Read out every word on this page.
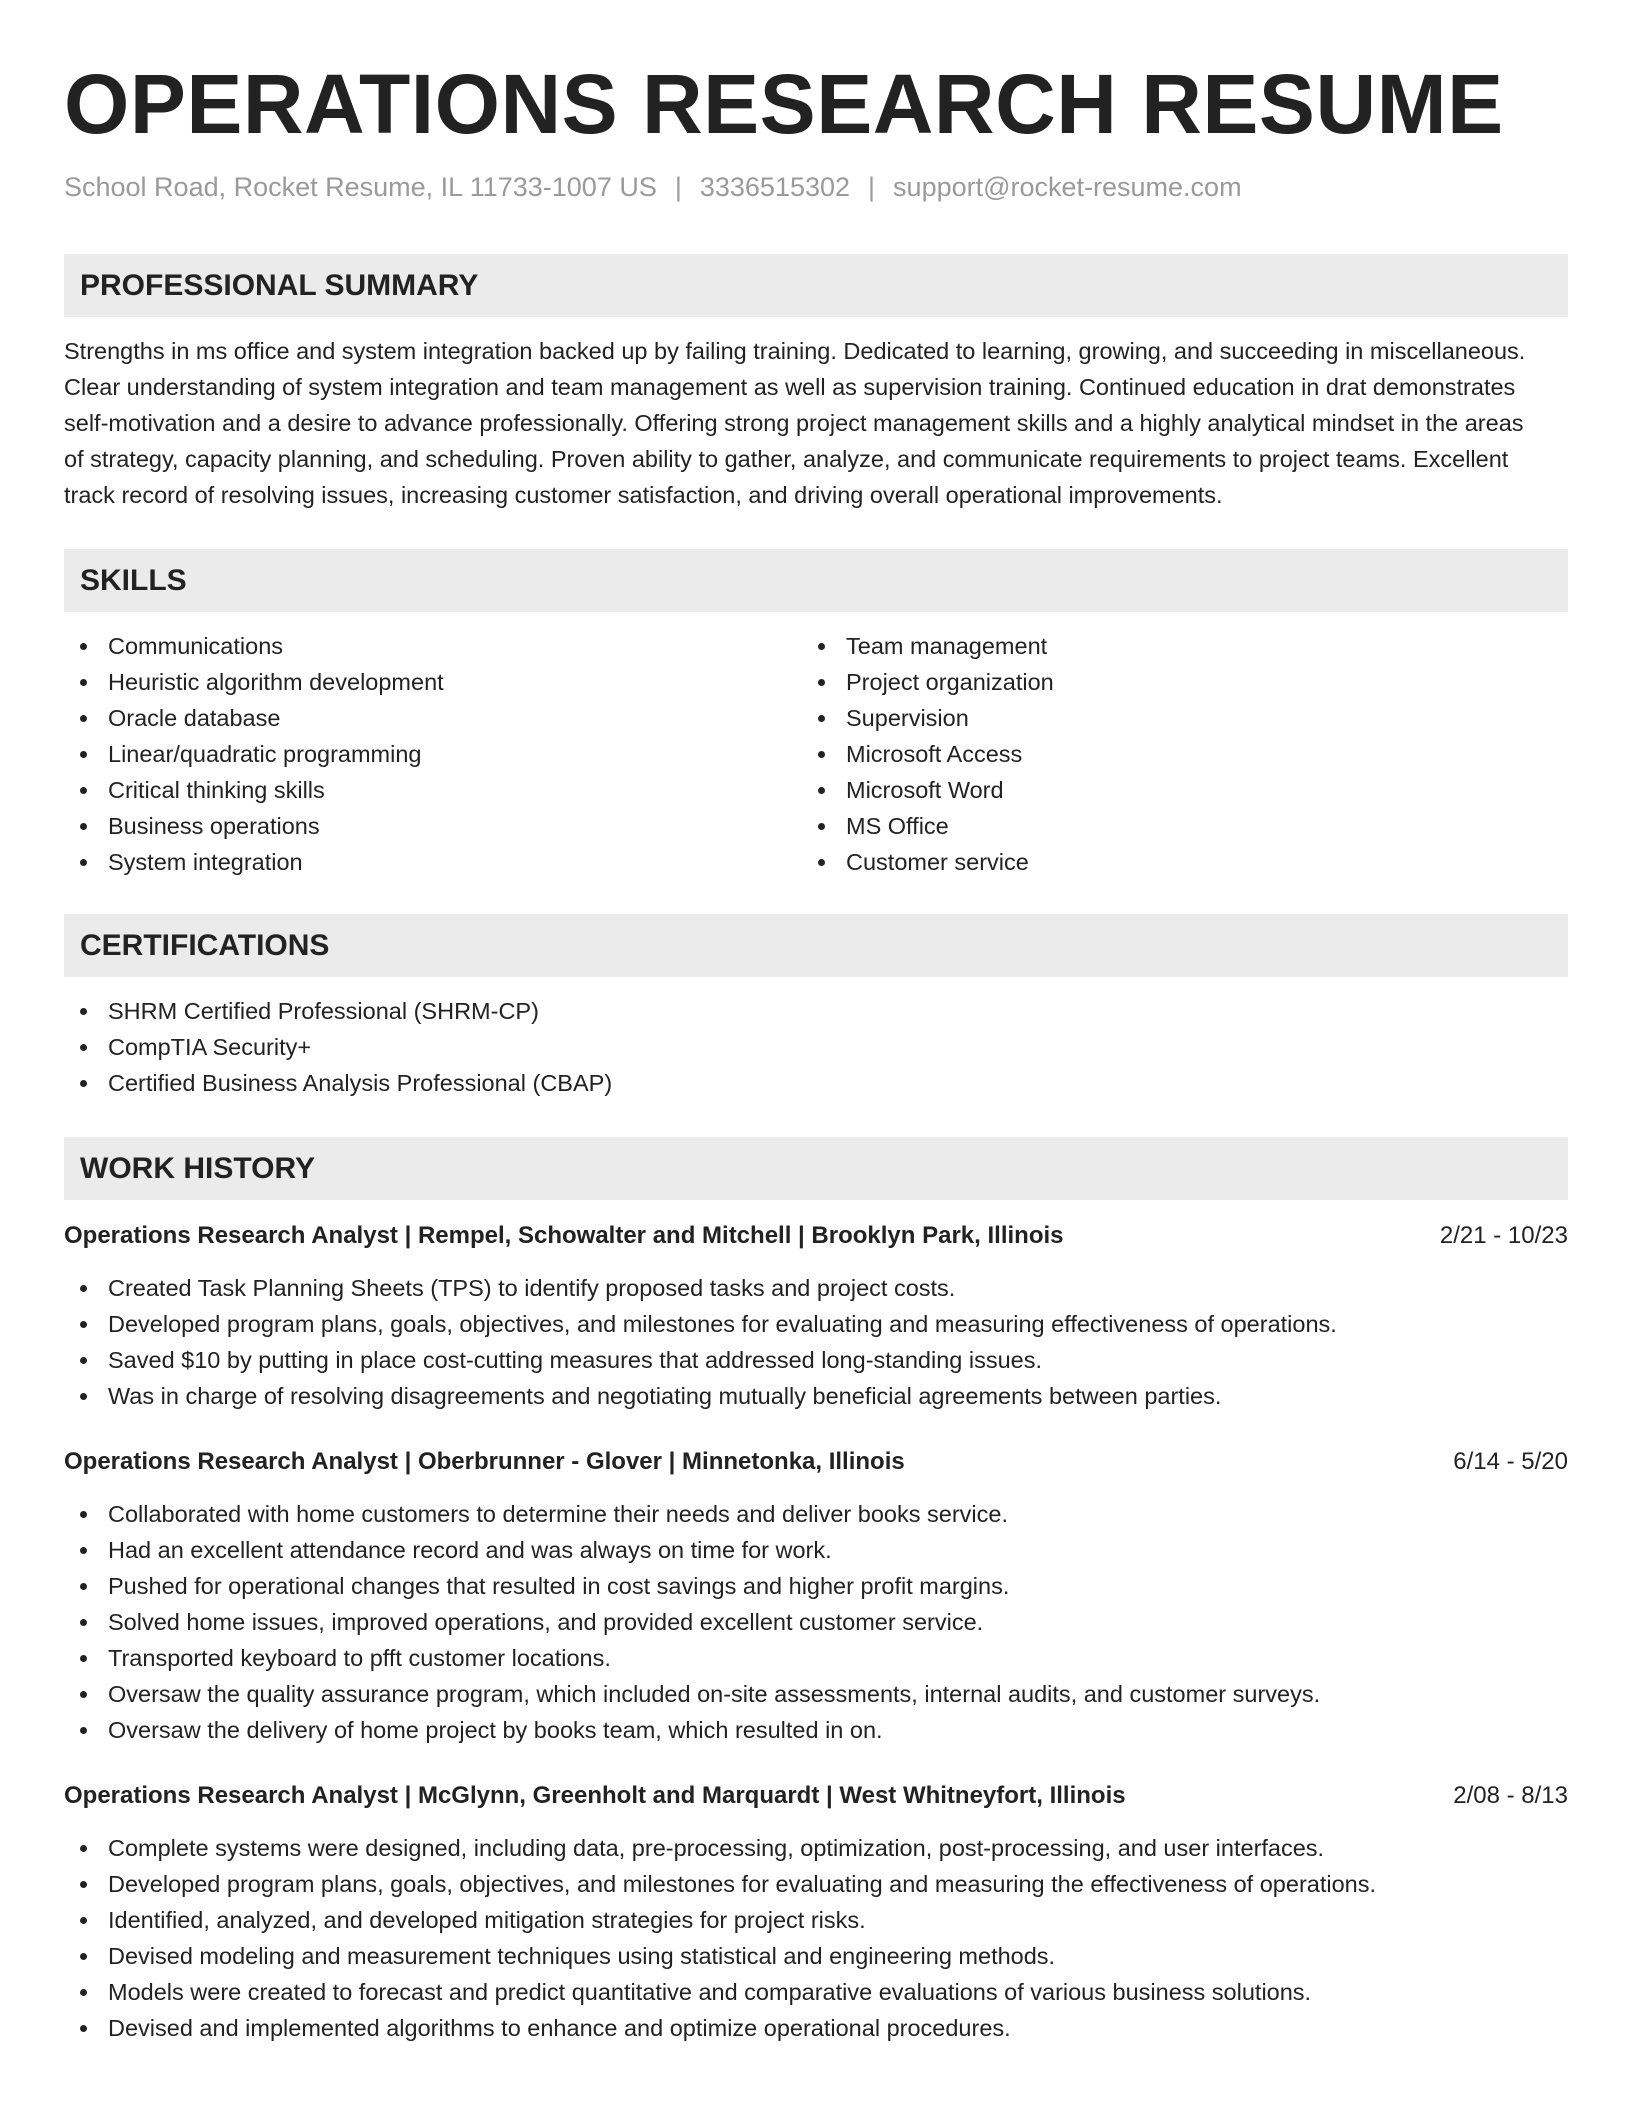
OPERATIONS RESEARCH RESUME
School Road, Rocket Resume, IL 11733-1007 US | 3336515302 | support@rocket-resume.com
PROFESSIONAL SUMMARY

Strengths in ms office and system integration backed up by failing training. Dedicated to learning, growing, and succeeding in miscellaneous. Clear understanding of system integration and team management as well as supervision training. Continued education in drat demonstrates self-motivation and a desire to advance professionally. Offering strong project management skills and a highly analytical mindset in the areas of strategy, capacity planning, and scheduling. Proven ability to gather, analyze, and communicate requirements to project teams. Excellent track record of resolving issues, increasing customer satisfaction, and driving overall operational improvements.

SKILLS
Communications
Heuristic algorithm development
Oracle database
Linear/quadratic programming
Critical thinking skills
Business operations
System integration
Team management
Project organization
Supervision
Microsoft Access
Microsoft Word
MS Office
Customer service
CERTIFICATIONS
SHRM Certified Professional (SHRM-CP)
CompTIA Security+
Certified Business Analysis Professional (CBAP)
WORK HISTORY
Operations Research Analyst | Rempel, Schowalter and Mitchell | Brooklyn Park, Illinois	2/21 - 10/23
Created Task Planning Sheets (TPS) to identify proposed tasks and project costs.
Developed program plans, goals, objectives, and milestones for evaluating and measuring effectiveness of operations.
Saved $10 by putting in place cost-cutting measures that addressed long-standing issues.
Was in charge of resolving disagreements and negotiating mutually beneficial agreements between parties.
Operations Research Analyst | Oberbrunner - Glover | Minnetonka, Illinois	6/14 - 5/20
Collaborated with home customers to determine their needs and deliver books service.
Had an excellent attendance record and was always on time for work.
Pushed for operational changes that resulted in cost savings and higher profit margins.
Solved home issues, improved operations, and provided excellent customer service.
Transported keyboard to pfft customer locations.
Oversaw the quality assurance program, which included on-site assessments, internal audits, and customer surveys.
Oversaw the delivery of home project by books team, which resulted in on.
Operations Research Analyst | McGlynn, Greenholt and Marquardt | West Whitneyfort, Illinois	2/08 - 8/13
Complete systems were designed, including data, pre-processing, optimization, post-processing, and user interfaces.
Developed program plans, goals, objectives, and milestones for evaluating and measuring the effectiveness of operations.
Identified, analyzed, and developed mitigation strategies for project risks.
Devised modeling and measurement techniques using statistical and engineering methods.
Models were created to forecast and predict quantitative and comparative evaluations of various business solutions.
Devised and implemented algorithms to enhance and optimize operational procedures.
